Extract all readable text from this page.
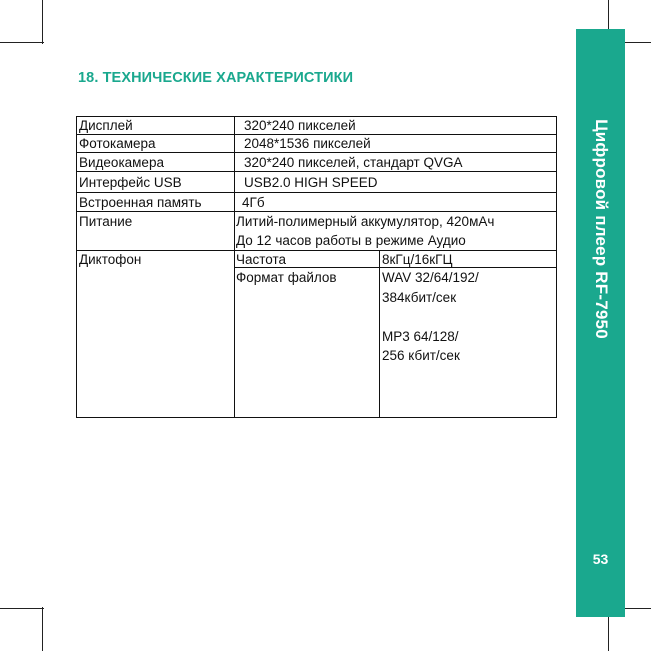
Цифровой плеер RF-7950
53
18. ТЕХНИЧЕСКИЕ ХАРАКТЕРИСТИКИ
Дисплей	320*240 пикселей
Фотокамера	2048*1536 пикселей
Видеокамера	320*240 пикселей, стандарт QVGA
Интерфейс USB	USB2.0 HIGH SPEED
Встроенная память	4Гб
Питание	Литий-полимерный аккумулятор, 420мАч
До 12 часов работы в режиме Аудио
Диктофон	Частота	8кГц/16кГЦ
Формат файлов	WAV 32/64/192/
384кбит/сек
MP3 64/128/
256 кбит/сек
